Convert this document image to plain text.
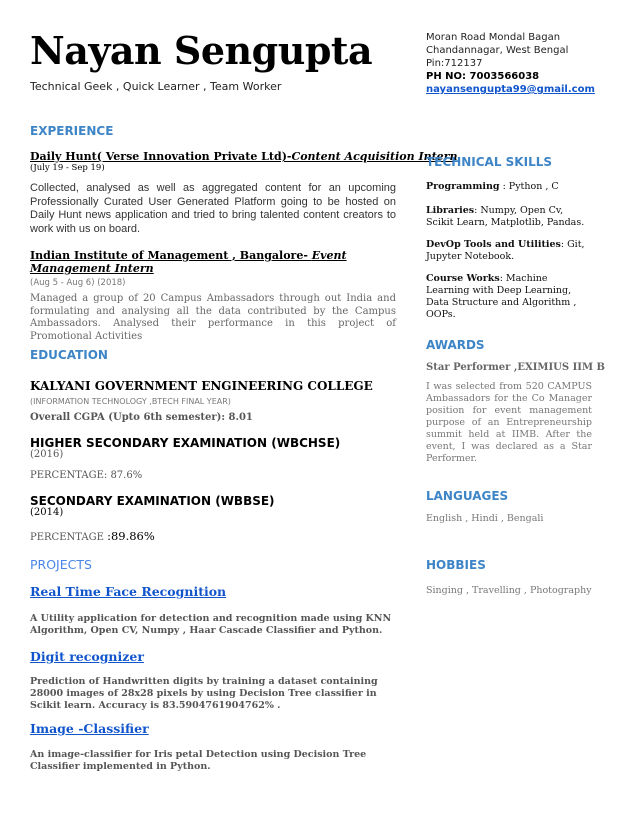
Nayan Sengupta
Technical Geek , Quick Learner , Team Worker
Moran Road Mondal Bagan
Chandannagar, West Bengal
Pin:712137
PH NO: 7003566038
nayansengupta99@gmail.com
EXPERIENCE
Daily Hunt( Verse Innovation Private Ltd)-Content Acquisition Intern
(July 19 - Sep 19)
Collected, analysed as well as aggregated content for an upcoming Professionally Curated User Generated Platform going to be hosted on Daily Hunt news application and tried to bring talented content creators to work with us on board.
Indian Institute of Management , Bangalore- Event Management Intern
(Aug 5 - Aug 6) (2018)
Managed a group of 20 Campus Ambassadors through out India and formulating and analysing all the data contributed by the Campus Ambassadors. Analysed their performance in this project of Promotional Activities
EDUCATION
KALYANI GOVERNMENT ENGINEERING COLLEGE
(INFORMATION TECHNOLOGY ,BTECH FINAL YEAR)
Overall CGPA (Upto 6th semester): 8.01
HIGHER SECONDARY EXAMINATION (WBCHSE)
(2016)
PERCENTAGE: 87.6%
SECONDARY EXAMINATION (WBBSE)
(2014)
PERCENTAGE :89.86%
PROJECTS
Real Time Face Recognition
A Utility application for detection and recognition made using KNN Algorithm, Open CV, Numpy , Haar Cascade Classifier and Python.
Digit recognizer
Prediction of Handwritten digits by training a dataset containing 28000 images of 28x28 pixels by using Decision Tree classifier in Scikit learn. Accuracy is 83.5904761904762% .
Image -Classifier
An image-classifier for Iris petal Detection using Decision Tree Classifier implemented in Python.
TECHNICAL SKILLS
Programming : Python , C
Libraries: Numpy, Open Cv, Scikit Learn, Matplotlib, Pandas.
DevOp Tools and Utilities: Git, Jupyter Notebook.
Course Works: Machine Learning with Deep Learning, Data Structure and Algorithm , OOPs.
AWARDS
Star Performer ,EXIMIUS IIM B
I was selected from 520 CAMPUS Ambassadors for the Co Manager position for event management purpose of an Entrepreneurship summit held at IIMB. After the event, I was declared as a Star Performer.
LANGUAGES
English , Hindi , Bengali
HOBBIES
Singing , Travelling , Photography
